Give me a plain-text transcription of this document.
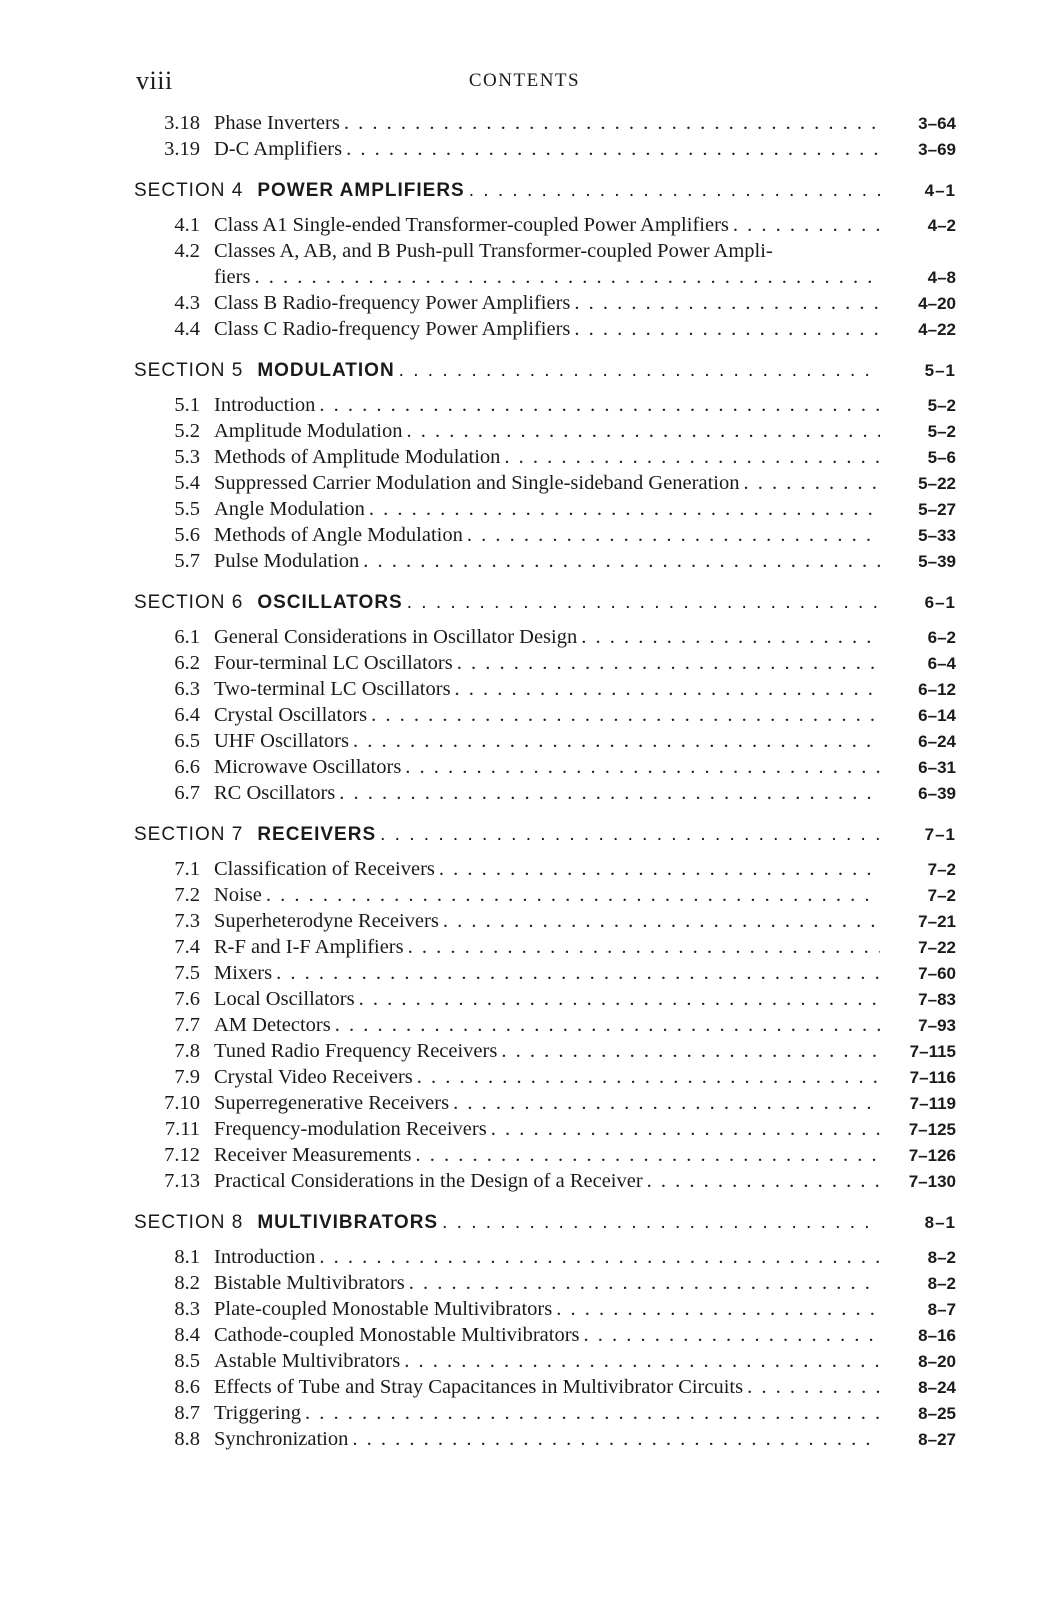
viii	CONTENTS
3.18 Phase Inverters . . .	3–64
3.19 D-C Amplifiers . . .	3–69
SECTION 4 POWER AMPLIFIERS . . .	4–1
4.1 Class A1 Single-ended Transformer-coupled Power Amplifiers . . .	4–2
4.2 Classes A, AB, and B Push-pull Transformer-coupled Power Ampli-
fiers . . .	4–8
4.3 Class B Radio-frequency Power Amplifiers . . .	4–20
4.4 Class C Radio-frequency Power Amplifiers . . .	4–22
SECTION 5 MODULATION . . .	5–1
5.1 Introduction . . .	5–2
5.2 Amplitude Modulation . . .	5–2
5.3 Methods of Amplitude Modulation . . .	5–6
5.4 Suppressed Carrier Modulation and Single-sideband Generation . . .	5–22
5.5 Angle Modulation . . .	5–27
5.6 Methods of Angle Modulation . . .	5–33
5.7 Pulse Modulation . . .	5–39
SECTION 6 OSCILLATORS . . .	6–1
6.1 General Considerations in Oscillator Design . . .	6–2
6.2 Four-terminal LC Oscillators . . .	6–4
6.3 Two-terminal LC Oscillators . . .	6–12
6.4 Crystal Oscillators . . .	6–14
6.5 UHF Oscillators . . .	6–24
6.6 Microwave Oscillators . . .	6–31
6.7 RC Oscillators . . .	6–39
SECTION 7 RECEIVERS . . .	7–1
7.1 Classification of Receivers . . .	7–2
7.2 Noise . . .	7–2
7.3 Superheterodyne Receivers . . .	7–21
7.4 R-F and I-F Amplifiers . . .	7–22
7.5 Mixers . . .	7–60
7.6 Local Oscillators . . .	7–83
7.7 AM Detectors . . .	7–93
7.8 Tuned Radio Frequency Receivers . . .	7–115
7.9 Crystal Video Receivers . . .	7–116
7.10 Superregenerative Receivers . . .	7–119
7.11 Frequency-modulation Receivers . . .	7–125
7.12 Receiver Measurements . . .	7–126
7.13 Practical Considerations in the Design of a Receiver . . .	7–130
SECTION 8 MULTIVIBRATORS . . .	8–1
8.1 Introduction . . .	8–2
8.2 Bistable Multivibrators . . .	8–2
8.3 Plate-coupled Monostable Multivibrators . . .	8–7
8.4 Cathode-coupled Monostable Multivibrators . . .	8–16
8.5 Astable Multivibrators . . .	8–20
8.6 Effects of Tube and Stray Capacitances in Multivibrator Circuits . . .	8–24
8.7 Triggering . . .	8–25
8.8 Synchronization . . .	8–27
